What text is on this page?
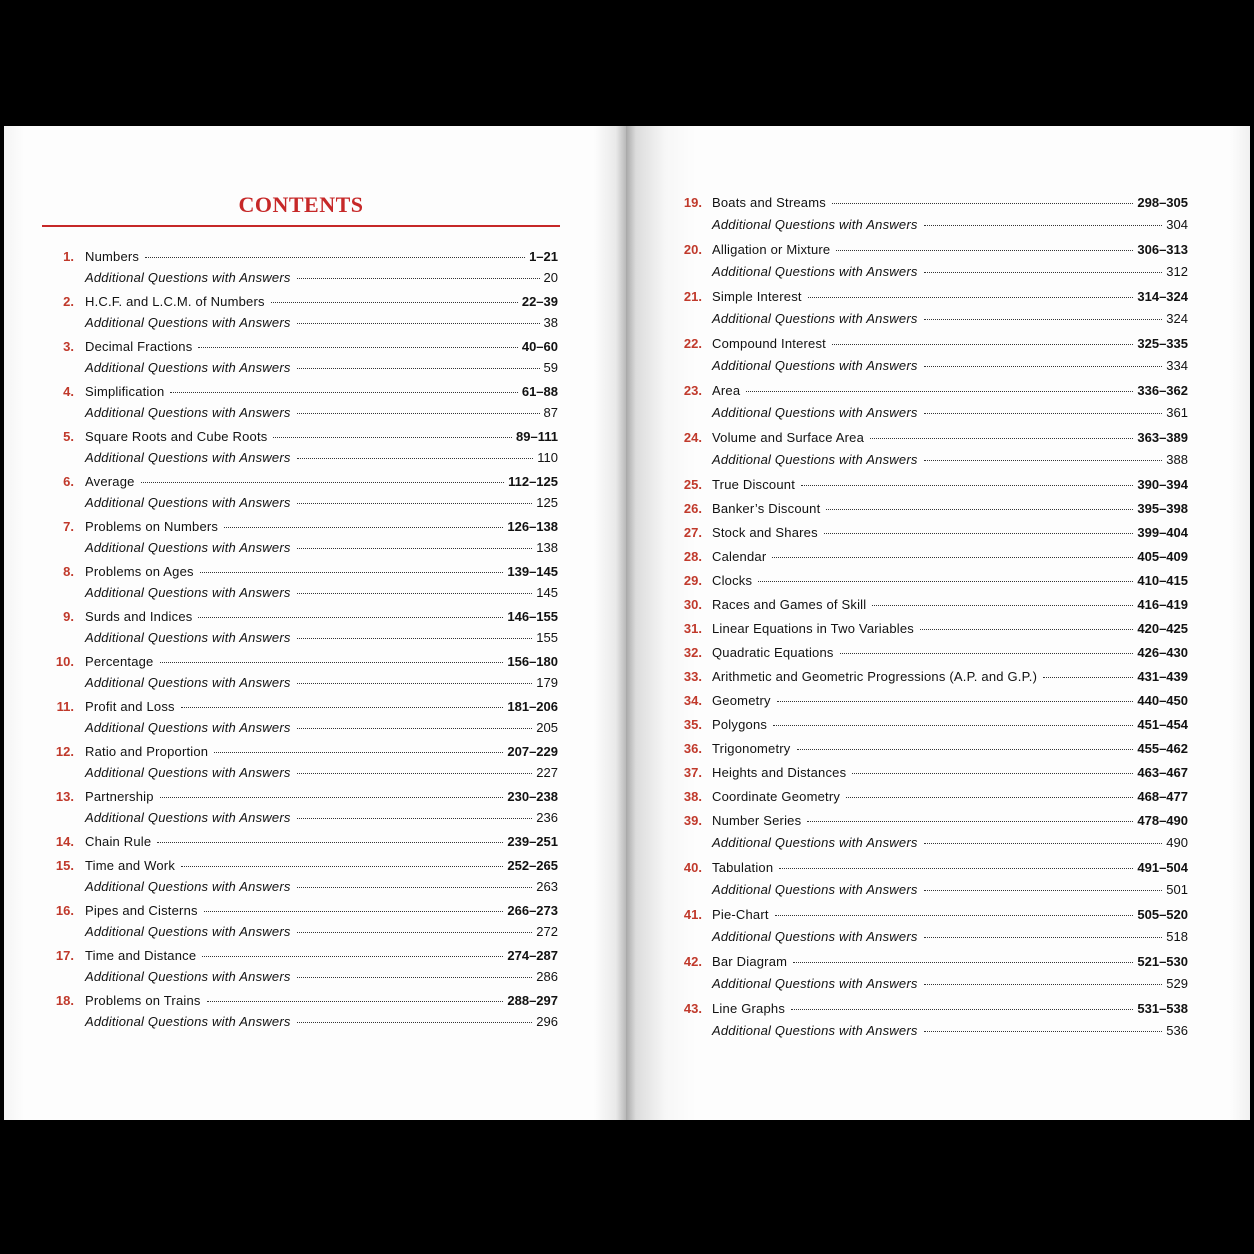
CONTENTS
1. Numbers	1–21
Additional Questions with Answers	20
2. H.C.F. and L.C.M. of Numbers	22–39
Additional Questions with Answers	38
3. Decimal Fractions	40–60
Additional Questions with Answers	59
4. Simplification	61–88
Additional Questions with Answers	87
5. Square Roots and Cube Roots	89–111
Additional Questions with Answers	110
6. Average	112–125
Additional Questions with Answers	125
7. Problems on Numbers	126–138
Additional Questions with Answers	138
8. Problems on Ages	139–145
Additional Questions with Answers	145
9. Surds and Indices	146–155
Additional Questions with Answers	155
10. Percentage	156–180
Additional Questions with Answers	179
11. Profit and Loss	181–206
Additional Questions with Answers	205
12. Ratio and Proportion	207–229
Additional Questions with Answers	227
13. Partnership	230–238
Additional Questions with Answers	236
14. Chain Rule	239–251
15. Time and Work	252–265
Additional Questions with Answers	263
16. Pipes and Cisterns	266–273
Additional Questions with Answers	272
17. Time and Distance	274–287
Additional Questions with Answers	286
18. Problems on Trains	288–297
Additional Questions with Answers	296
19. Boats and Streams	298–305
Additional Questions with Answers	304
20. Alligation or Mixture	306–313
Additional Questions with Answers	312
21. Simple Interest	314–324
Additional Questions with Answers	324
22. Compound Interest	325–335
Additional Questions with Answers	334
23. Area	336–362
Additional Questions with Answers	361
24. Volume and Surface Area	363–389
Additional Questions with Answers	388
25. True Discount	390–394
26. Banker’s Discount	395–398
27. Stock and Shares	399–404
28. Calendar	405–409
29. Clocks	410–415
30. Races and Games of Skill	416–419
31. Linear Equations in Two Variables	420–425
32. Quadratic Equations	426–430
33. Arithmetic and Geometric Progressions (A.P. and G.P.)	431–439
34. Geometry	440–450
35. Polygons	451–454
36. Trigonometry	455–462
37. Heights and Distances	463–467
38. Coordinate Geometry	468–477
39. Number Series	478–490
Additional Questions with Answers	490
40. Tabulation	491–504
Additional Questions with Answers	501
41. Pie-Chart	505–520
Additional Questions with Answers	518
42. Bar Diagram	521–530
Additional Questions with Answers	529
43. Line Graphs	531–538
Additional Questions with Answers	536
